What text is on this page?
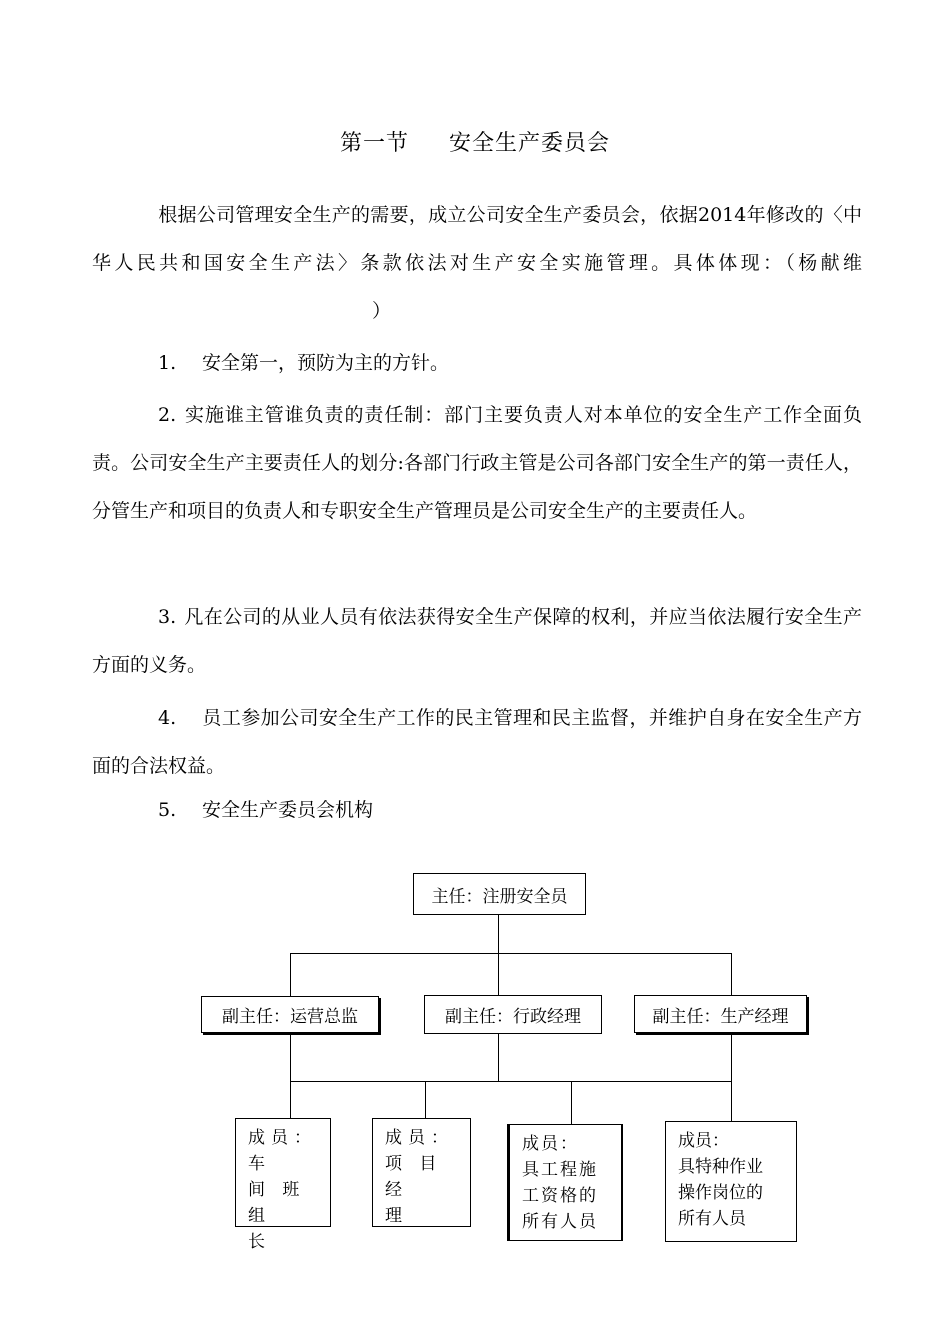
第一节 安全生产委员会
根据公司管理安全生产的需要，成立公司安全生产委员会，依据2014年修改的〈中华人民共和国安全生产法〉条款依法对生产安全实施管理。具体体现：（杨献维）
1. 安全第一，预防为主的方针。
2. 实施谁主管谁负责的责任制：部门主要负责人对本单位的安全生产工作全面负责。公司安全生产主要责任人的划分:各部门行政主管是公司各部门安全生产的第一责任人，分管生产和项目的负责人和专职安全生产管理员是公司安全生产的主要责任人。
3. 凡在公司的从业人员有依法获得安全生产保障的权利，并应当依法履行安全生产方面的义务。
4. 员工参加公司安全生产工作的民主管理和民主监督，并维护自身在安全生产方面的合法权益。
5. 安全生产委员会机构
主任：注册安全员
副主任：运营总监	副主任：行政经理	副主任：生产经理
成员：车
间 班 组
长
成员：
项 目 经
理
成员：
具工程施
工资格的
所有人员
成员：
具特种作业
操作岗位的
所有人员
